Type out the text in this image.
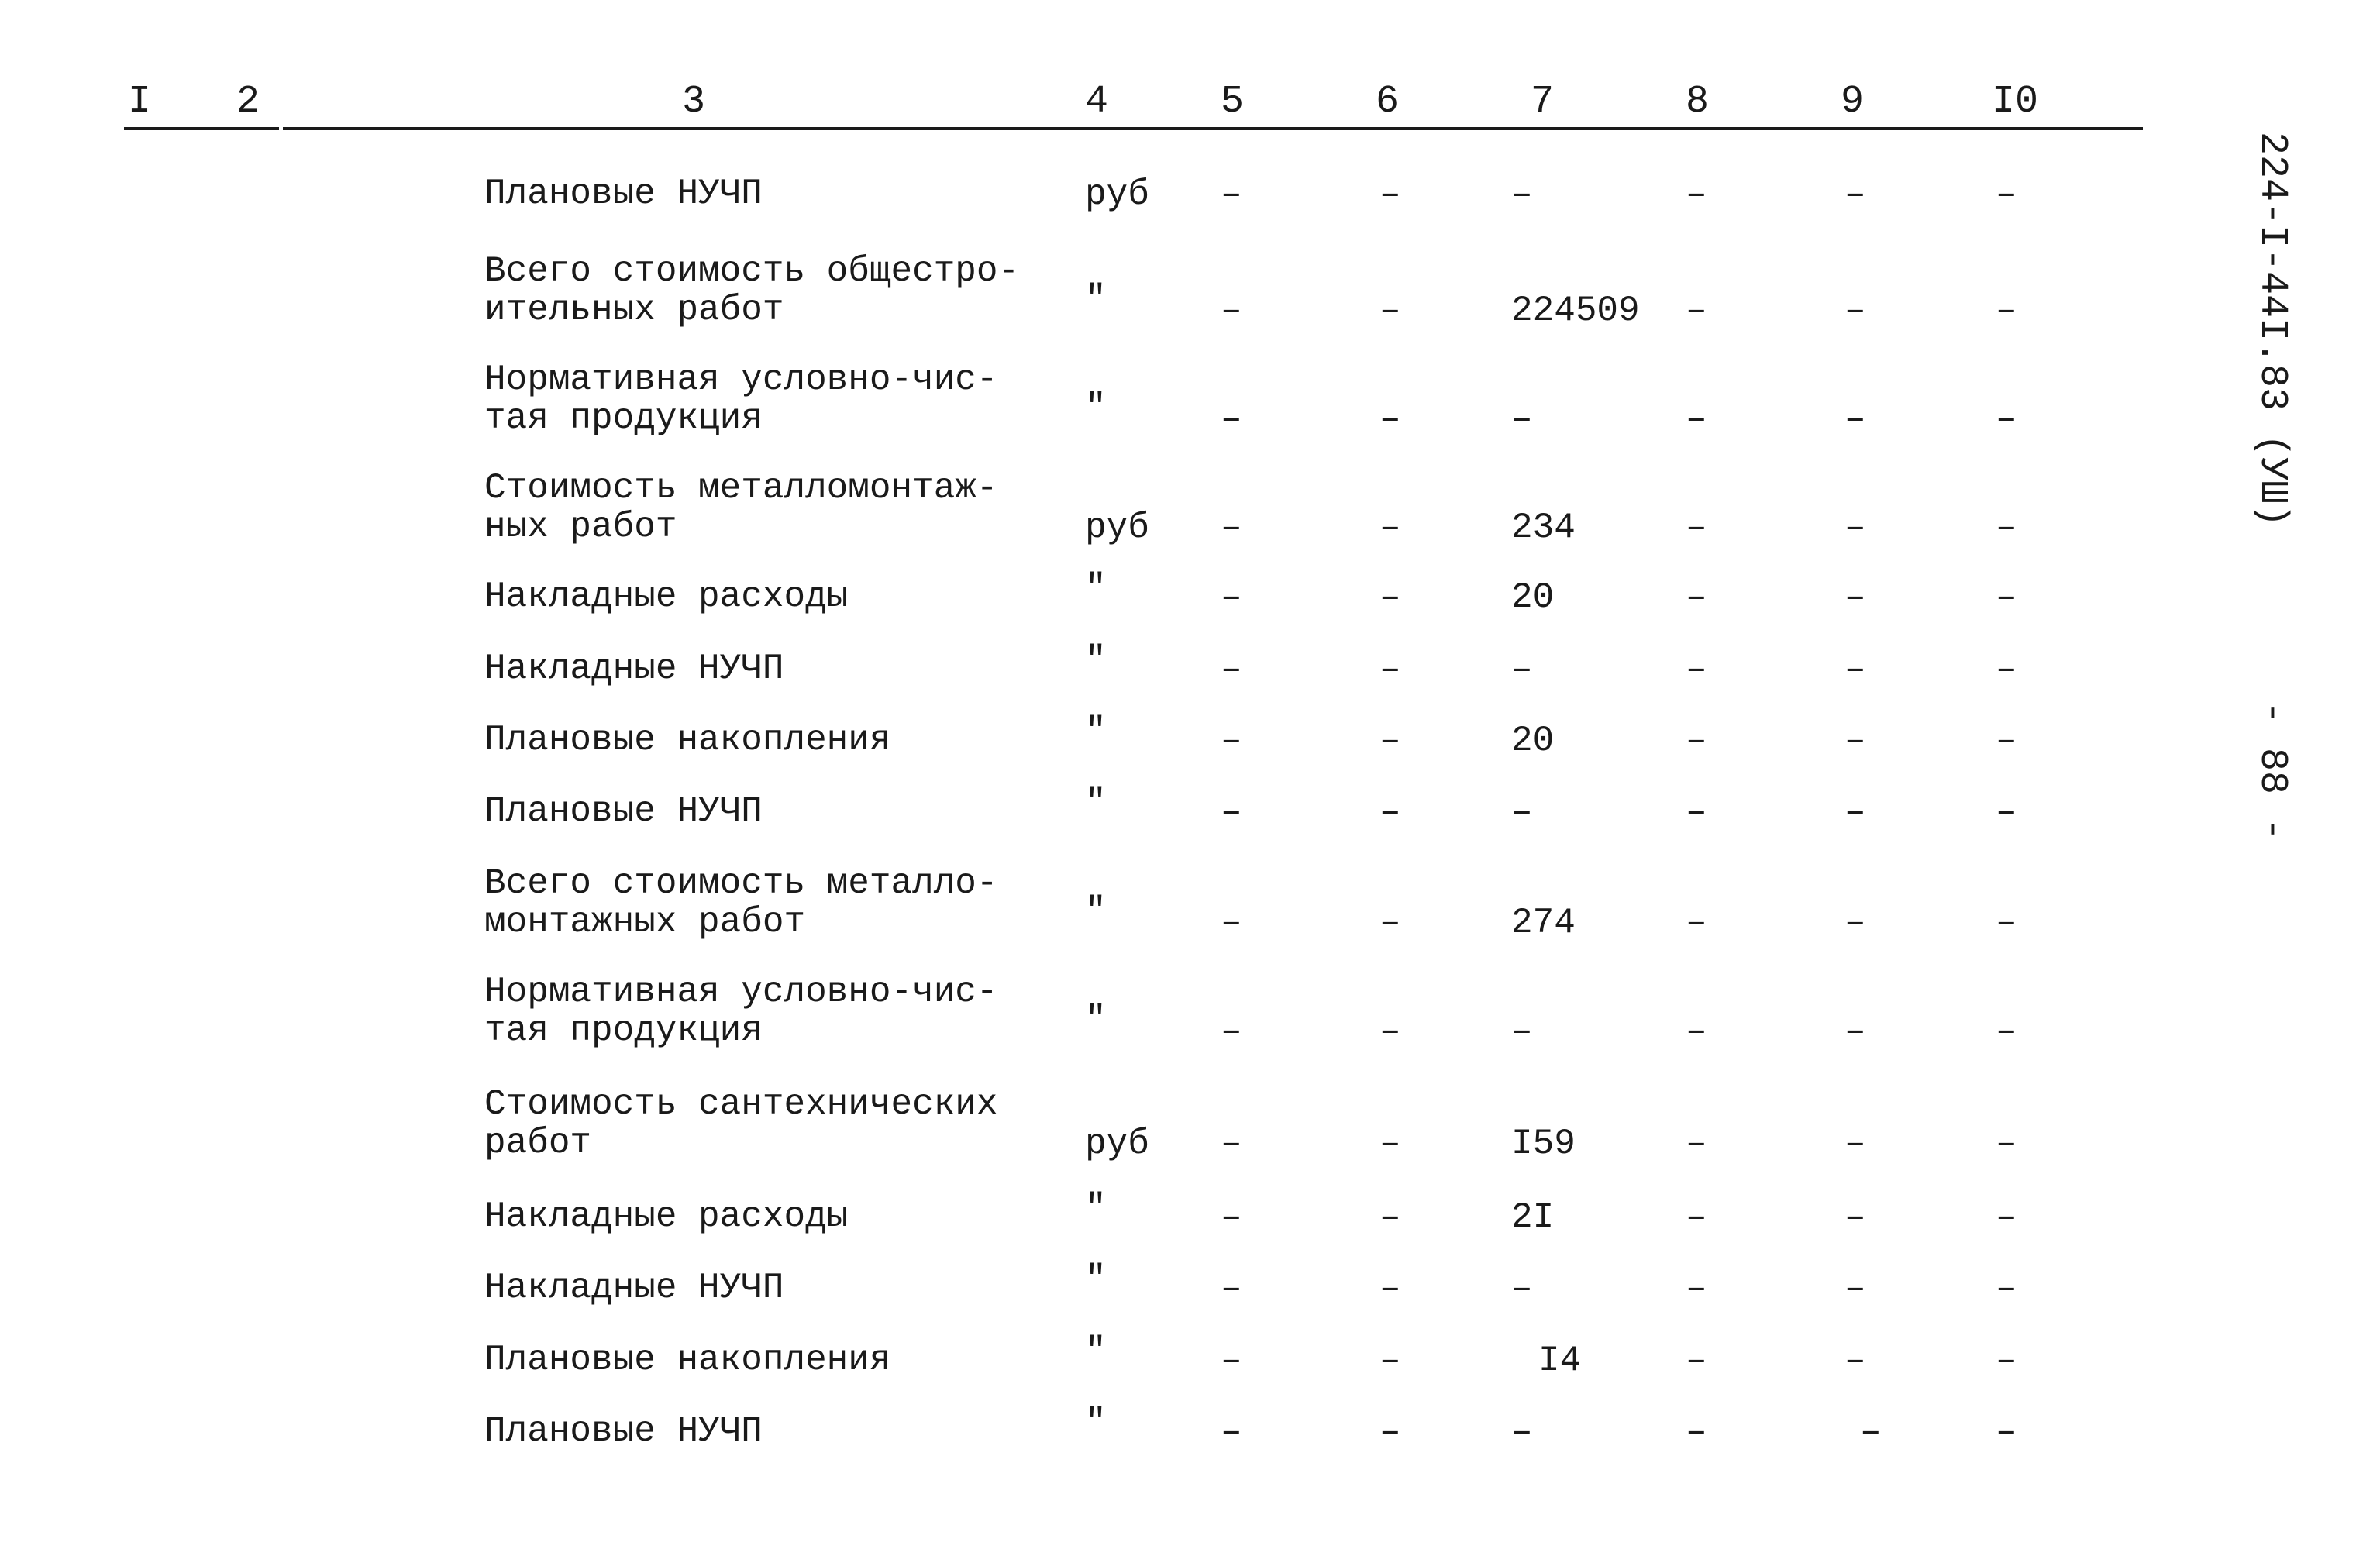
I 2	3	4	5	6	7	8	9	I0
Плановые НУЧП	руб –	–	–	–	–	–
Всего стоимость общестро-
ительных работ	"	–	–	224509 –	–	–
Нормативная условно-чис-
тая продукция	"	–	–	–	–	–	–
Стоимость металломонтаж-
ных работ	руб –	–	234	–	–	–
Накладные расходы	"	–	–	20	–	–	–
Накладные НУЧП	"	–	–	–	–	–	–
Плановые накопления	"	–	–	20	–	–	–
Плановые НУЧП	"	–	–	–	–	–	–
Всего стоимость металло-
монтажных работ	"	–	–	274	–	–	–
Нормативная условно-чис-
тая продукция	"	–	–	–	–	–	–
Стоимость сантехнических
работ	руб –	–	I59	–	–	–
Накладные расходы	"	–	–	2I	–	–	–
Накладные НУЧП	"	–	–	–	–	–	–
Плановые накопления	"	–	–	I4	–	–	–
Плановые НУЧП	"	–	–	–	–	–	–
224-I-44I.83 (УШ)
- 88 -
